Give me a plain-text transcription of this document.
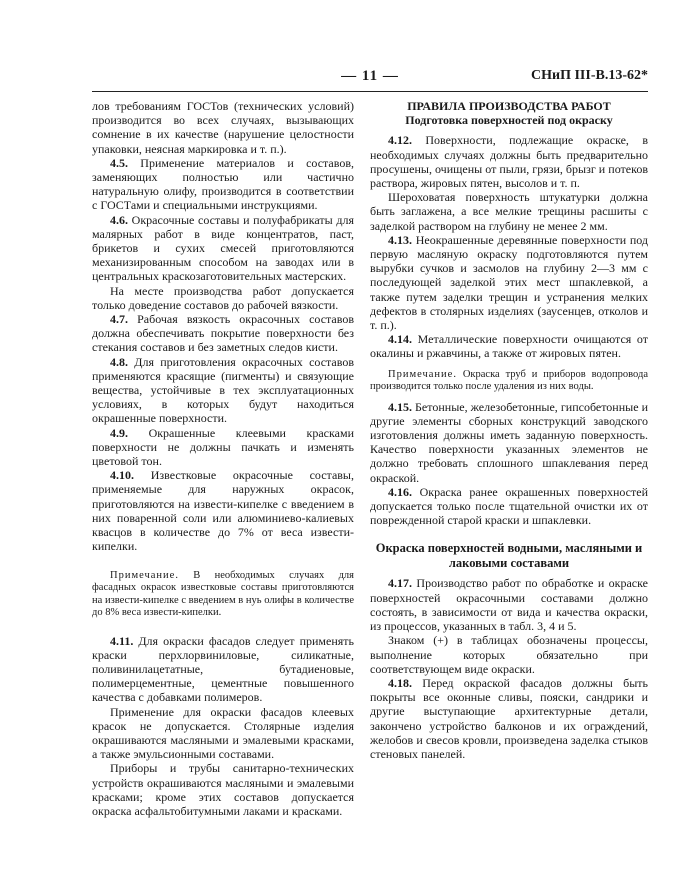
— 11 —	СНиП III-В.13-62*

лов требованиям ГОСТов (технических условий) производится во всех случаях, вызывающих сомнение в их качестве (нарушение целостности упаковки, неясная маркировка и т. п.).

4.5. Применение материалов и составов, заменяющих полностью или частично натуральную олифу, производится в соответствии с ГОСТами и специальными инструкциями.

4.6. Окрасочные составы и полуфабрикаты для малярных работ в виде концентратов, паст, брикетов и сухих смесей приготовляются механизированным способом на заводах или в центральных краскозаготовительных мастерских.

На месте производства работ допускается только доведение составов до рабочей вязкости.

4.7. Рабочая вязкость окрасочных составов должна обеспечивать покрытие поверхности без стекания составов и без заметных следов кисти.

4.8. Для приготовления окрасочных составов применяются красящие (пигменты) и связующие вещества, устойчивые в тех эксплуатационных условиях, в которых будут находиться окрашенные поверхности.

4.9. Окрашенные клеевыми красками поверхности не должны пачкать и изменять цветовой тон.

4.10. Известковые окрасочные составы, применяемые для наружных окрасок, приготовляются на извести-кипелке с введением в них поваренной соли или алюминиево-калиевых квасцов в количестве до 7% от веса извести-кипелки.

Примечание. В необходимых случаях для фасадных окрасок известковые составы приготовляются на извести-кипелке с введением в нуь олифы в количестве до 8% веса извести-кипелки.

4.11. Для окраски фасадов следует применять краски перхлорвиниловые, силикатные, поливинилацетатные, бутадиеновые, полимерцементные, цементные повышенного качества с добавками полимеров.

Применение для окраски фасадов клеевых красок не допускается. Столярные изделия окрашиваются масляными и эмалевыми красками, а также эмульсионными составами.

Приборы и трубы санитарно-технических устройств окрашиваются масляными и эмалевыми красками; кроме этих составов допускается окраска асфальтобитумными лаками и красками.

ПРАВИЛА ПРОИЗВОДСТВА РАБОТ

Подготовка поверхностей под окраску

4.12. Поверхности, подлежащие окраске, в необходимых случаях должны быть предварительно просушены, очищены от пыли, грязи, брызг и потеков раствора, жировых пятен, высолов и т. п.

Шероховатая поверхность штукатурки должна быть заглажена, а все мелкие трещины расшиты с заделкой раствором на глубину не менее 2 мм.

4.13. Неокрашенные деревянные поверхности под первую масляную окраску подготовляются путем вырубки сучков и засмолов на глубину 2—3 мм с последующей заделкой этих мест шпаклевкой, а также путем заделки трещин и устранения мелких дефектов в столярных изделиях (заусенцев, отколов и т. п.).

4.14. Металлические поверхности очищаются от окалины и ржавчины, а также от жировых пятен.

Примечание. Окраска труб и приборов водопровода производится только после удаления из них воды.

4.15. Бетонные, железобетонные, гипсобетонные и другие элементы сборных конструкций заводского изготовления должны иметь заданную поверхность. Качество поверхности указанных элементов не должно требовать сплошного шпаклевания перед окраской.

4.16. Окраска ранее окрашенных поверхностей допускается только после тщательной очистки их от поврежденной старой краски и шпаклевки.

Окраска поверхностей водными, масляными и лаковыми составами

4.17. Производство работ по обработке и окраске поверхностей окрасочными составами должно состоять, в зависимости от вида и качества окраски, из процессов, указанных в табл. 3, 4 и 5.

Знаком (+) в таблицах обозначены процессы, выполнение которых обязательно при соответствующем виде окраски.

4.18. Перед окраской фасадов должны быть покрыты все оконные сливы, пояски, сандрики и другие выступающие архитектурные детали, закончено устройство балконов и их ограждений, желобов и свесов кровли, произведена заделка стыков стеновых панелей.
